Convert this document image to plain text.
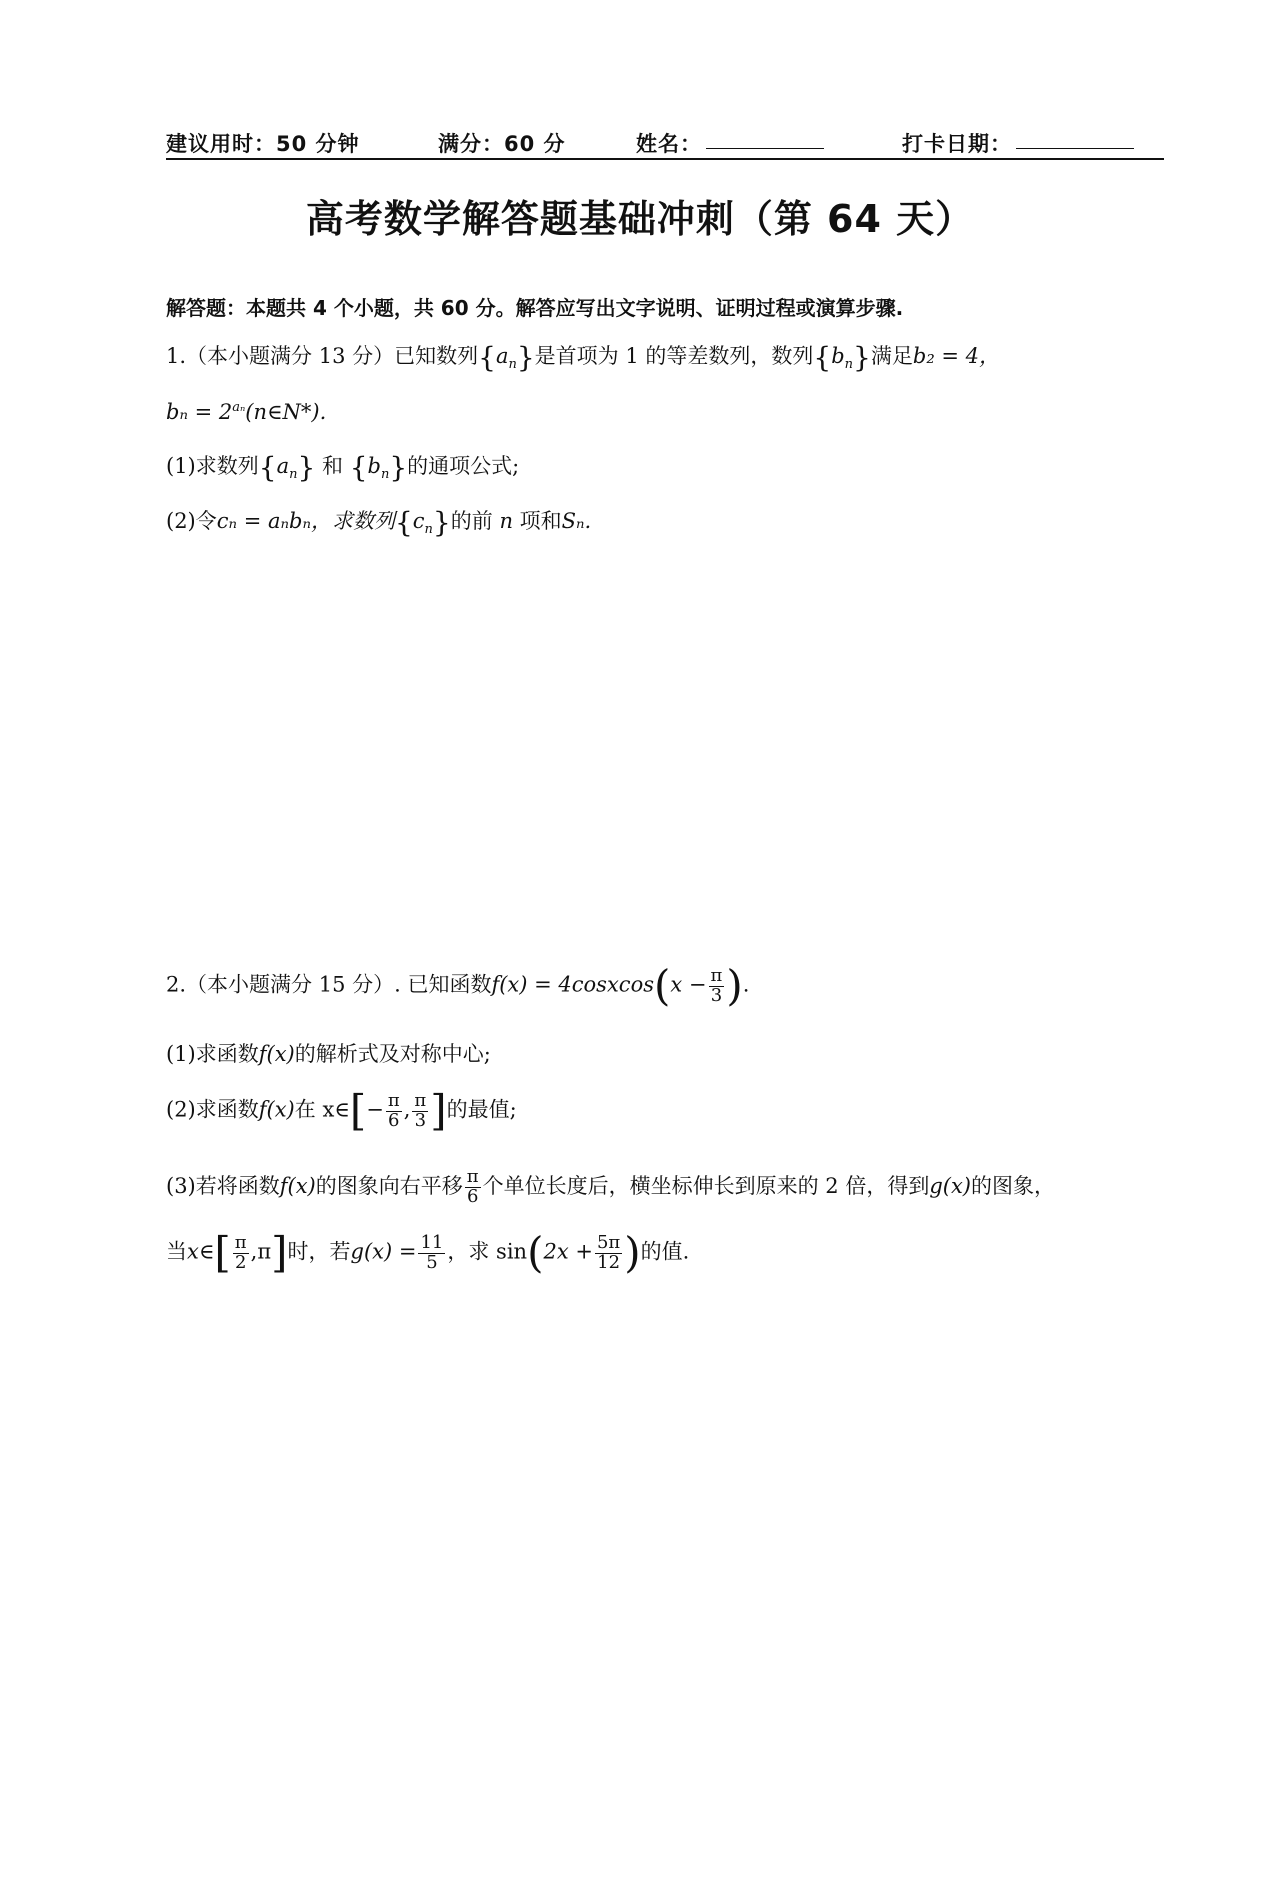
建议用时：50 分钟	满分：60 分	姓名：	打卡日期：
高考数学解答题基础冲刺（第 64 天）
解答题：本题共 4 个小题，共 60 分。解答应写出文字说明、证明过程或演算步骤.
1.（本小题满分 13 分）已知数列$\{a_n\}$是首项为 1 的等差数列，数列$\{b_n\}$满足b₂ = 4，
$b_n = 2^{a_n}(n\in N*)$.
(1)求数列$\{a_n\}$ 和 $\{b_n\}$的通项公式;
(2)令cₙ = aₙbₙ，求数列$\{c_n\}$的前 n 项和Sₙ.
2.（本小题满分 15 分）. 已知函数f(x) = 4cosxcos(x − $\frac{\pi}{3}$ ).
(1)求函数f(x)的解析式及对称中心;
(2)求函数f(x)在 x∈[− $\frac{\pi}{6}$ , $\frac{\pi}{3}$ ]的最值;
(3)若将函数f(x)的图象向右平移 $\frac{\pi}{6}$ 个单位长度后，横坐标伸长到原来的 2 倍，得到g(x)的图象，
当x∈[ $\frac{\pi}{2} ,\pi$]时，若$g(x) = \frac{11}{5}$ ，求 $\sin(2x + \frac{5\pi}{12}$ )的值.
